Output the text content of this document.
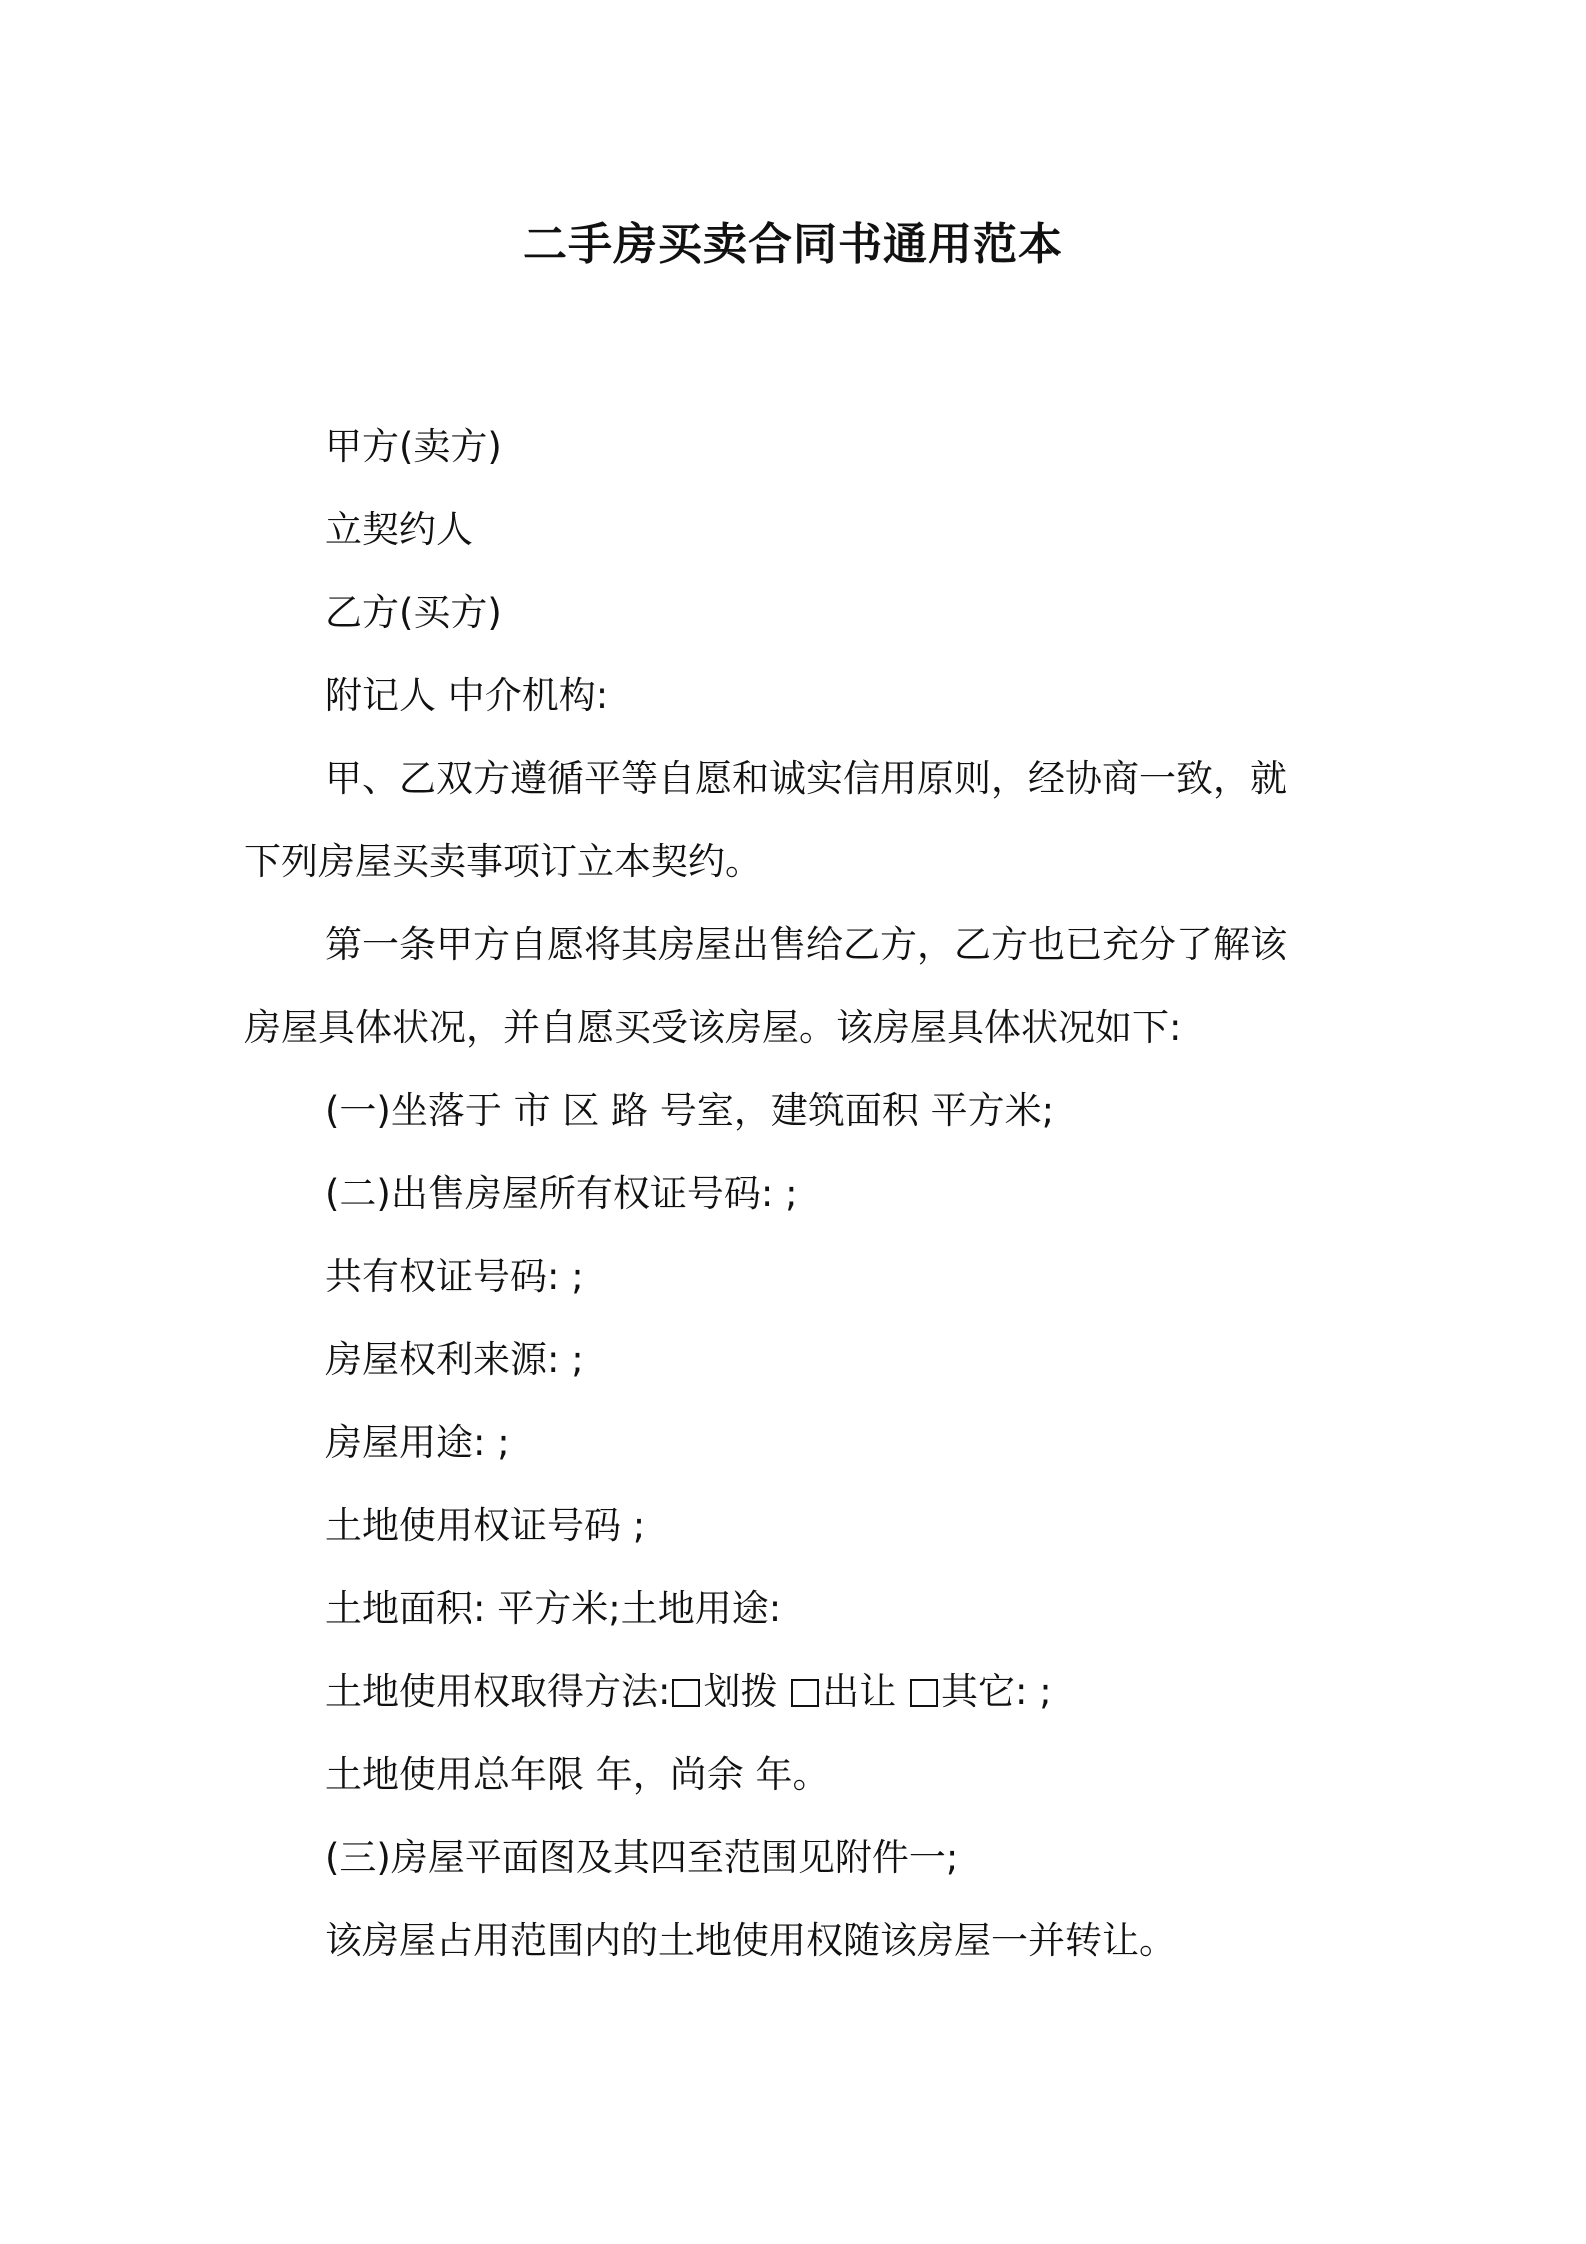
二手房买卖合同书通用范本
甲方(卖方)
立契约人
乙方(买方)
附记人 中介机构:
甲、乙双方遵循平等自愿和诚实信用原则，经协商一致，就
下列房屋买卖事项订立本契约。
第一条甲方自愿将其房屋出售给乙方，乙方也已充分了解该
房屋具体状况，并自愿买受该房屋。该房屋具体状况如下:
(一)坐落于 市 区 路 号室，建筑面积 平方米;
(二)出售房屋所有权证号码: ;
共有权证号码: ;
房屋权利来源: ;
房屋用途: ;
土地使用权证号码 ;
土地面积: 平方米;土地用途:
土地使用权取得方法: 划拨 出让 其它: ;
土地使用总年限 年，尚余 年。
(三)房屋平面图及其四至范围见附件一;
该房屋占用范围内的土地使用权随该房屋一并转让。
